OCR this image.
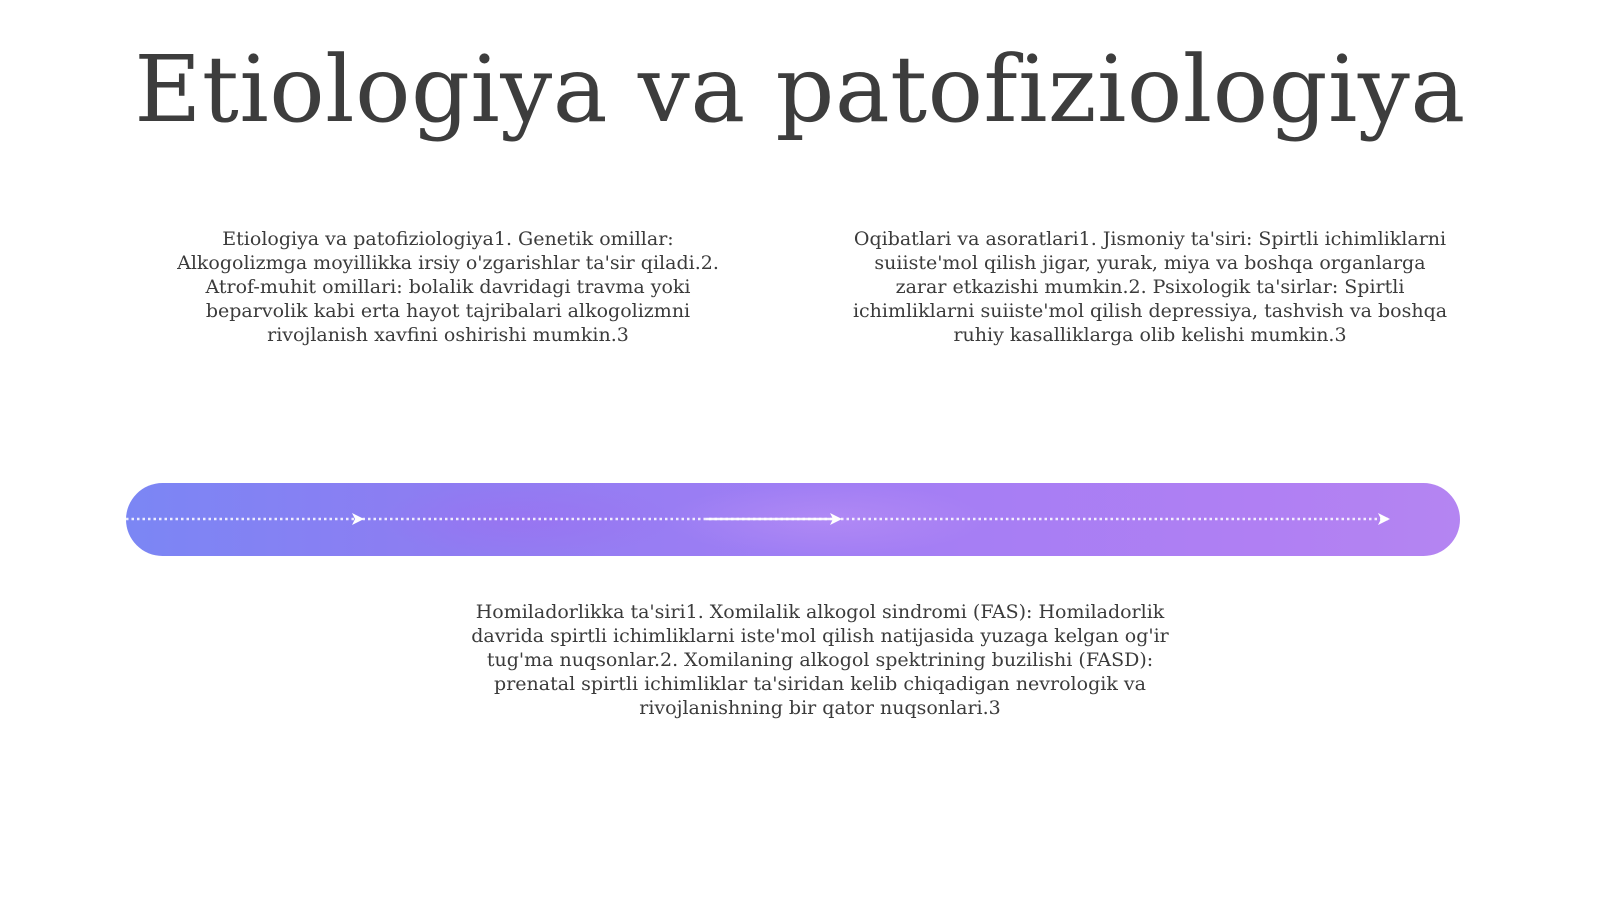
Etiologiya va patofiziologiya

Etiologiya va patofiziologiya1. Genetik omillar: Alkogolizmga moyillikka irsiy o'zgarishlar ta'sir qiladi.2. Atrof-muhit omillari: bolalik davridagi travma yoki beparvolik kabi erta hayot tajribalari alkogolizmni rivojlanish xavfini oshirishi mumkin.3

Oqibatlari va asoratlari1. Jismoniy ta'siri: Spirtli ichimliklarni suiiste'mol qilish jigar, yurak, miya va boshqa organlarga zarar etkazishi mumkin.2. Psixologik ta'sirlar: Spirtli ichimliklarni suiiste'mol qilish depressiya, tashvish va boshqa ruhiy kasalliklarga olib kelishi mumkin.3

Homiladorlikka ta'siri1. Xomilalik alkogol sindromi (FAS): Homiladorlik davrida spirtli ichimliklarni iste'mol qilish natijasida yuzaga kelgan og'ir tug'ma nuqsonlar.2. Xomilaning alkogol spektrining buzilishi (FASD): prenatal spirtli ichimliklar ta'siridan kelib chiqadigan nevrologik va rivojlanishning bir qator nuqsonlari.3
